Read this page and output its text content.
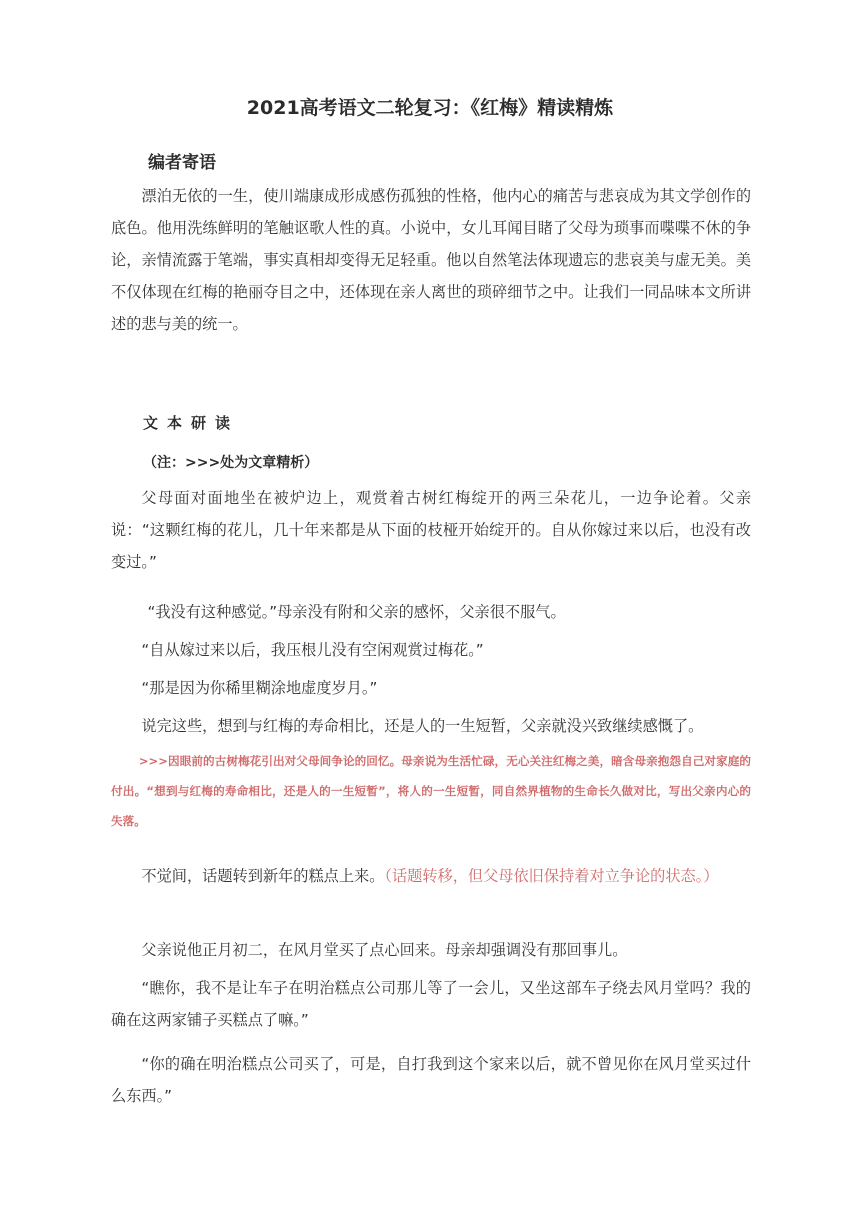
2021高考语文二轮复习：《红梅》精读精炼
编者寄语
漂泊无依的一生，使川端康成形成感伤孤独的性格，他内心的痛苦与悲哀成为其文学创作的底色。他用洗练鲜明的笔触讴歌人性的真。小说中，女儿耳闻目睹了父母为琐事而喋喋不休的争论，亲情流露于笔端，事实真相却变得无足轻重。他以自然笔法体现遗忘的悲哀美与虚无美。美不仅体现在红梅的艳丽夺目之中，还体现在亲人离世的琐碎细节之中。让我们一同品味本文所讲述的悲与美的统一。
文本研读
（注：>>>处为文章精析）
父母面对面地坐在被炉边上，观赏着古树红梅绽开的两三朵花儿，一边争论着。父亲说：“这颗红梅的花儿，几十年来都是从下面的枝桠开始绽开的。自从你嫁过来以后，也没有改变过。”
“我没有这种感觉。”母亲没有附和父亲的感怀，父亲很不服气。
“自从嫁过来以后，我压根儿没有空闲观赏过梅花。”
“那是因为你稀里糊涂地虚度岁月。”
说完这些，想到与红梅的寿命相比，还是人的一生短暂，父亲就没兴致继续感慨了。
>>>因眼前的古树梅花引出对父母间争论的回忆。母亲说为生活忙碌，无心关注红梅之美，暗含母亲抱怨自己对家庭的付出。“想到与红梅的寿命相比，还是人的一生短暂”，将人的一生短暂，同自然界植物的生命长久做对比，写出父亲内心的失落。
不觉间，话题转到新年的糕点上来。（话题转移，但父母依旧保持着对立争论的状态。）
父亲说他正月初二，在风月堂买了点心回来。母亲却强调没有那回事儿。
“瞧你，我不是让车子在明治糕点公司那儿等了一会儿，又坐这部车子绕去风月堂吗？我的确在这两家铺子买糕点了嘛。”
“你的确在明治糕点公司买了，可是，自打我到这个家来以后，就不曾见你在风月堂买过什么东西。”
